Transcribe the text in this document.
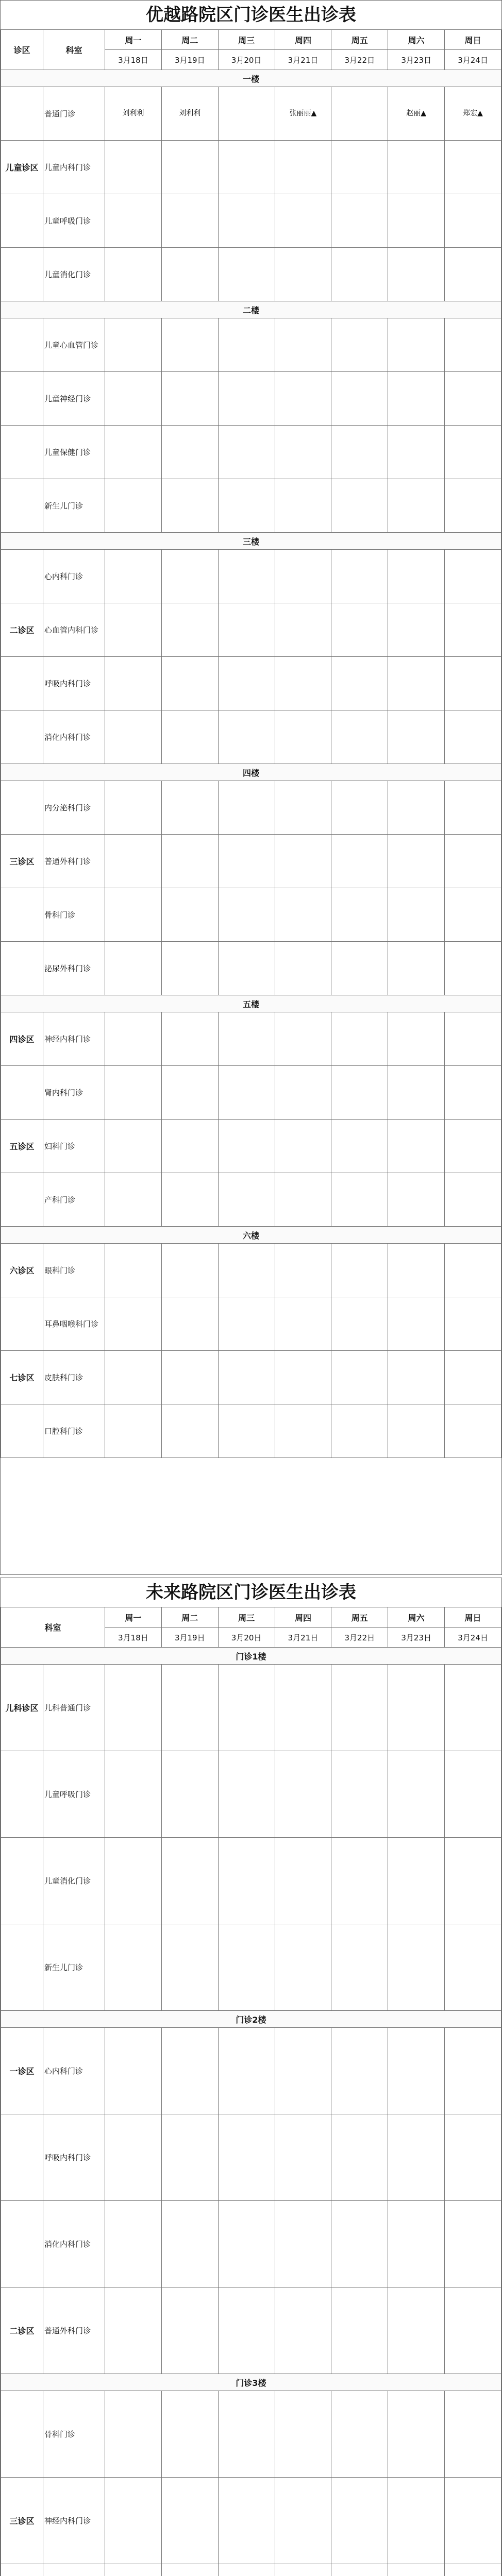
优越路院区门诊医生出诊表
诊区	科室	周一	周二	周三	周四	周五	周六	周日
		3月18日	3月19日	3月20日	3月21日	3月22日	3月23日	3月24日
一楼								
	普通门诊	刘利利	刘利利		张丽丽▲		赵丽▲	郑宏▲
儿童诊区	儿童内科门诊							
	儿童呼吸门诊							
	儿童消化门诊							
二楼								
	儿童心血管门诊							
	儿童神经门诊							
	儿童保健门诊							
	新生儿门诊							
三楼								
	心内科门诊							
二诊区	心血管内科门诊							
	呼吸内科门诊							
	消化内科门诊							
四楼								
	内分泌科门诊							
三诊区	普通外科门诊							
	骨科门诊							
	泌尿外科门诊							
五楼								
四诊区	神经内科门诊							
	肾内科门诊							
五诊区	妇科门诊							
	产科门诊							
六楼								
六诊区	眼科门诊							
	耳鼻咽喉科门诊							
七诊区	皮肤科门诊							
	口腔科门诊							
未来路院区门诊医生出诊表
科室		周一	周二	周三	周四	周五	周六	周日
		3月18日	3月19日	3月20日	3月21日	3月22日	3月23日	3月24日
门诊1楼								
儿科诊区	儿科普通门诊							
	儿童呼吸门诊							
	儿童消化门诊							
	新生儿门诊							
门诊2楼								
一诊区	心内科门诊							
	呼吸内科门诊							
	消化内科门诊							
二诊区	普通外科门诊							
门诊3楼								
	骨科门诊							
三诊区	神经内科门诊							
